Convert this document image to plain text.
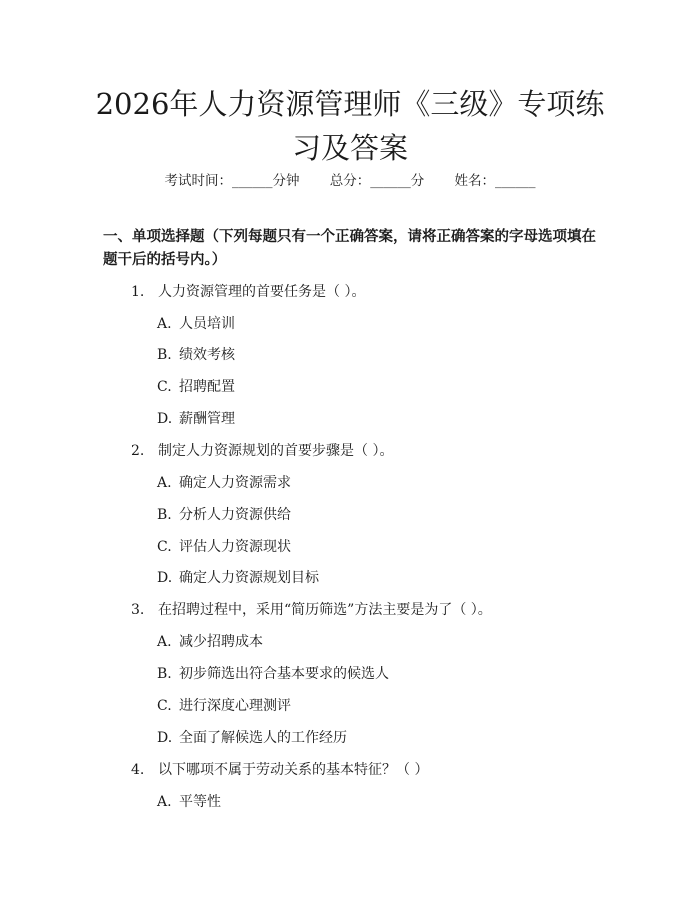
2026年人力资源管理师《三级》专项练习及答案
考试时间：______分钟 总分：______分 姓名：______
一、单项选择题（下列每题只有一个正确答案，请将正确答案的字母选项填在题干后的括号内。）
1. 人力资源管理的首要任务是（ ）。
A. 人员培训
B. 绩效考核
C. 招聘配置
D. 薪酬管理
2. 制定人力资源规划的首要步骤是（ ）。
A. 确定人力资源需求
B. 分析人力资源供给
C. 评估人力资源现状
D. 确定人力资源规划目标
3. 在招聘过程中，采用“简历筛选”方法主要是为了（ ）。
A. 减少招聘成本
B. 初步筛选出符合基本要求的候选人
C. 进行深度心理测评
D. 全面了解候选人的工作经历
4. 以下哪项不属于劳动关系的基本特征？（ ）
A. 平等性
